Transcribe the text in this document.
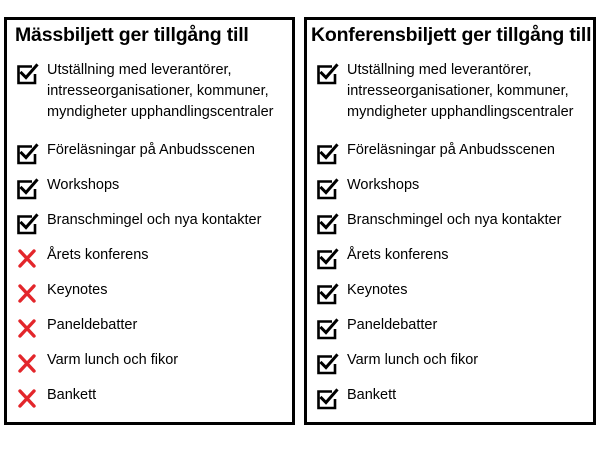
Mässbiljett ger tillgång till
Utställning med leverantörer,
intresseorganisationer, kommuner,
myndigheter upphandlingscentraler
Föreläsningar på Anbudsscenen
Workshops
Branschmingel och nya kontakter
Årets konferens
Keynotes
Paneldebatter
Varm lunch och fikor
Bankett
Konferensbiljett ger tillgång till
Utställning med leverantörer,
intresseorganisationer, kommuner,
myndigheter upphandlingscentraler
Föreläsningar på Anbudsscenen
Workshops
Branschmingel och nya kontakter
Årets konferens
Keynotes
Paneldebatter
Varm lunch och fikor
Bankett
